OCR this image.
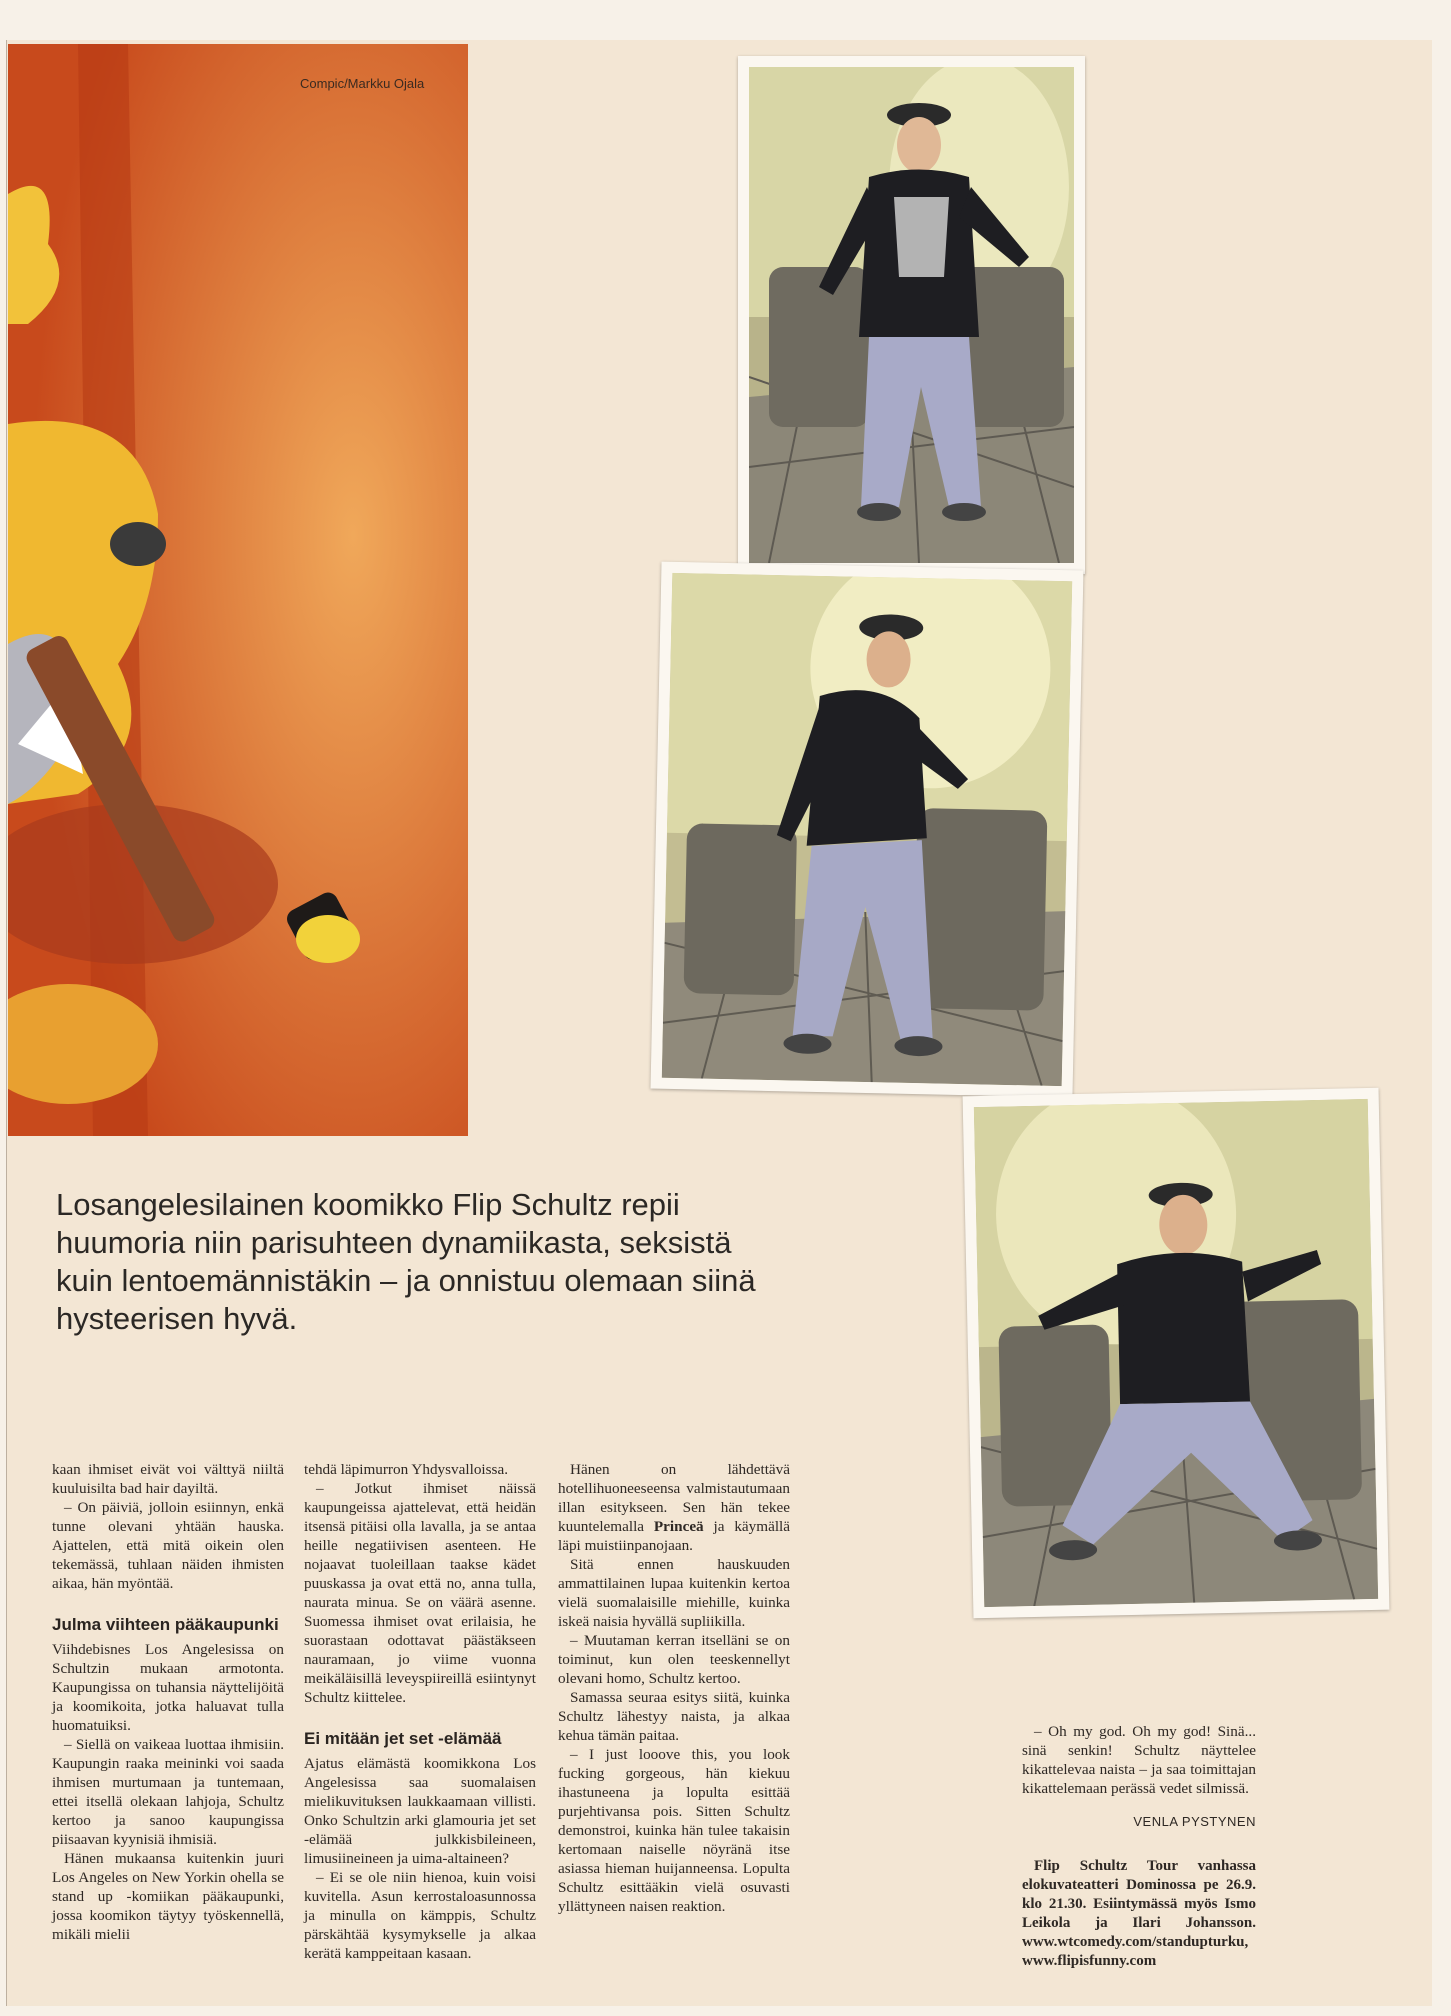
Compic/Markku Ojala
Losangelesilainen koomikko Flip Schultz repii huumoria niin parisuhteen dynamiikasta, seksistä kuin lentoemännistäkin – ja onnistuu olemaan siinä hysteerisen hyvä.

kaan ihmiset eivät voi välttyä niiltä kuuluisilta bad hair dayiltä.

– On päiviä, jolloin esiinnyn, enkä tunne olevani yhtään hauska. Ajattelen, että mitä oikein olen tekemässä, tuhlaan näiden ihmisten aikaa, hän myöntää.

Julma viihteen pääkaupunki

Viihdebisnes Los Angelesissa on Schultzin mukaan armotonta. Kaupungissa on tuhansia näyttelijöitä ja koomikoita, jotka haluavat tulla huomatuiksi.

– Siellä on vaikeaa luottaa ihmisiin. Kaupungin raaka meininki voi saada ihmisen murtumaan ja tuntemaan, ettei itsellä olekaan lahjoja, Schultz kertoo ja sanoo kaupungissa piisaavan kyynisiä ihmisiä.

Hänen mukaansa kuitenkin juuri Los Angeles on New Yorkin ohella se stand up -komiikan pääkaupunki, jossa koomikon täytyy työskennellä, mikäli mielii

tehdä läpimurron Yhdysvalloissa.

– Jotkut ihmiset näissä kaupungeissa ajattelevat, että heidän itsensä pitäisi olla lavalla, ja se antaa heille negatiivisen asenteen. He nojaavat tuoleillaan taakse kädet puuskassa ja ovat että no, anna tulla, naurata minua. Se on väärä asenne. Suomessa ihmiset ovat erilaisia, he suorastaan odottavat päästäkseen nauramaan, jo viime vuonna meikäläisillä leveyspiireillä esiintynyt Schultz kiittelee.

Ei mitään jet set -elämää

Ajatus elämästä koomikkona Los Angelesissa saa suomalaisen mielikuvituksen laukkaamaan villisti. Onko Schultzin arki glamouria jet set -elämää julkkisbileineen, limusiineineen ja uima-altaineen?

– Ei se ole niin hienoa, kuin voisi kuvitella. Asun kerrostaloasunnossa ja minulla on kämppis, Schultz pärskähtää kysymykselle ja alkaa kerätä kamppeitaan kasaan.

Hänen on lähdettävä hotellihuoneeseensa valmistautumaan illan esitykseen. Sen hän tekee kuuntelemalla Princeä ja käymällä läpi muistiinpanojaan.

Sitä ennen hauskuuden ammattilainen lupaa kuitenkin kertoa vielä suomalaisille miehille, kuinka iskeä naisia hyvällä supliikilla.

– Muutaman kerran itselläni se on toiminut, kun olen teeskennellyt olevani homo, Schultz kertoo.

Samassa seuraa esitys siitä, kuinka Schultz lähestyy naista, ja alkaa kehua tämän paitaa.

– I just looove this, you look fucking gorgeous, hän kiekuu ihastuneena ja lopulta esittää purjehtivansa pois. Sitten Schultz demonstroi, kuinka hän tulee takaisin kertomaan naiselle nöyränä itse asiassa hieman huijanneensa. Lopulta Schultz esittääkin vielä osuvasti yllättyneen naisen reaktion.

– Oh my god. Oh my god! Sinä... sinä senkin! Schultz näyttelee kikattelevaa naista – ja saa toimittajan kikattelemaan perässä vedet silmissä.

VENLA PYSTYNEN

Flip Schultz Tour vanhassa elokuvateatteri Dominossa pe 26.9. klo 21.30. Esiintymässä myös Ismo Leikola ja Ilari Johansson. www.wtcomedy.com/standupturku, www.flipisfunny.com
